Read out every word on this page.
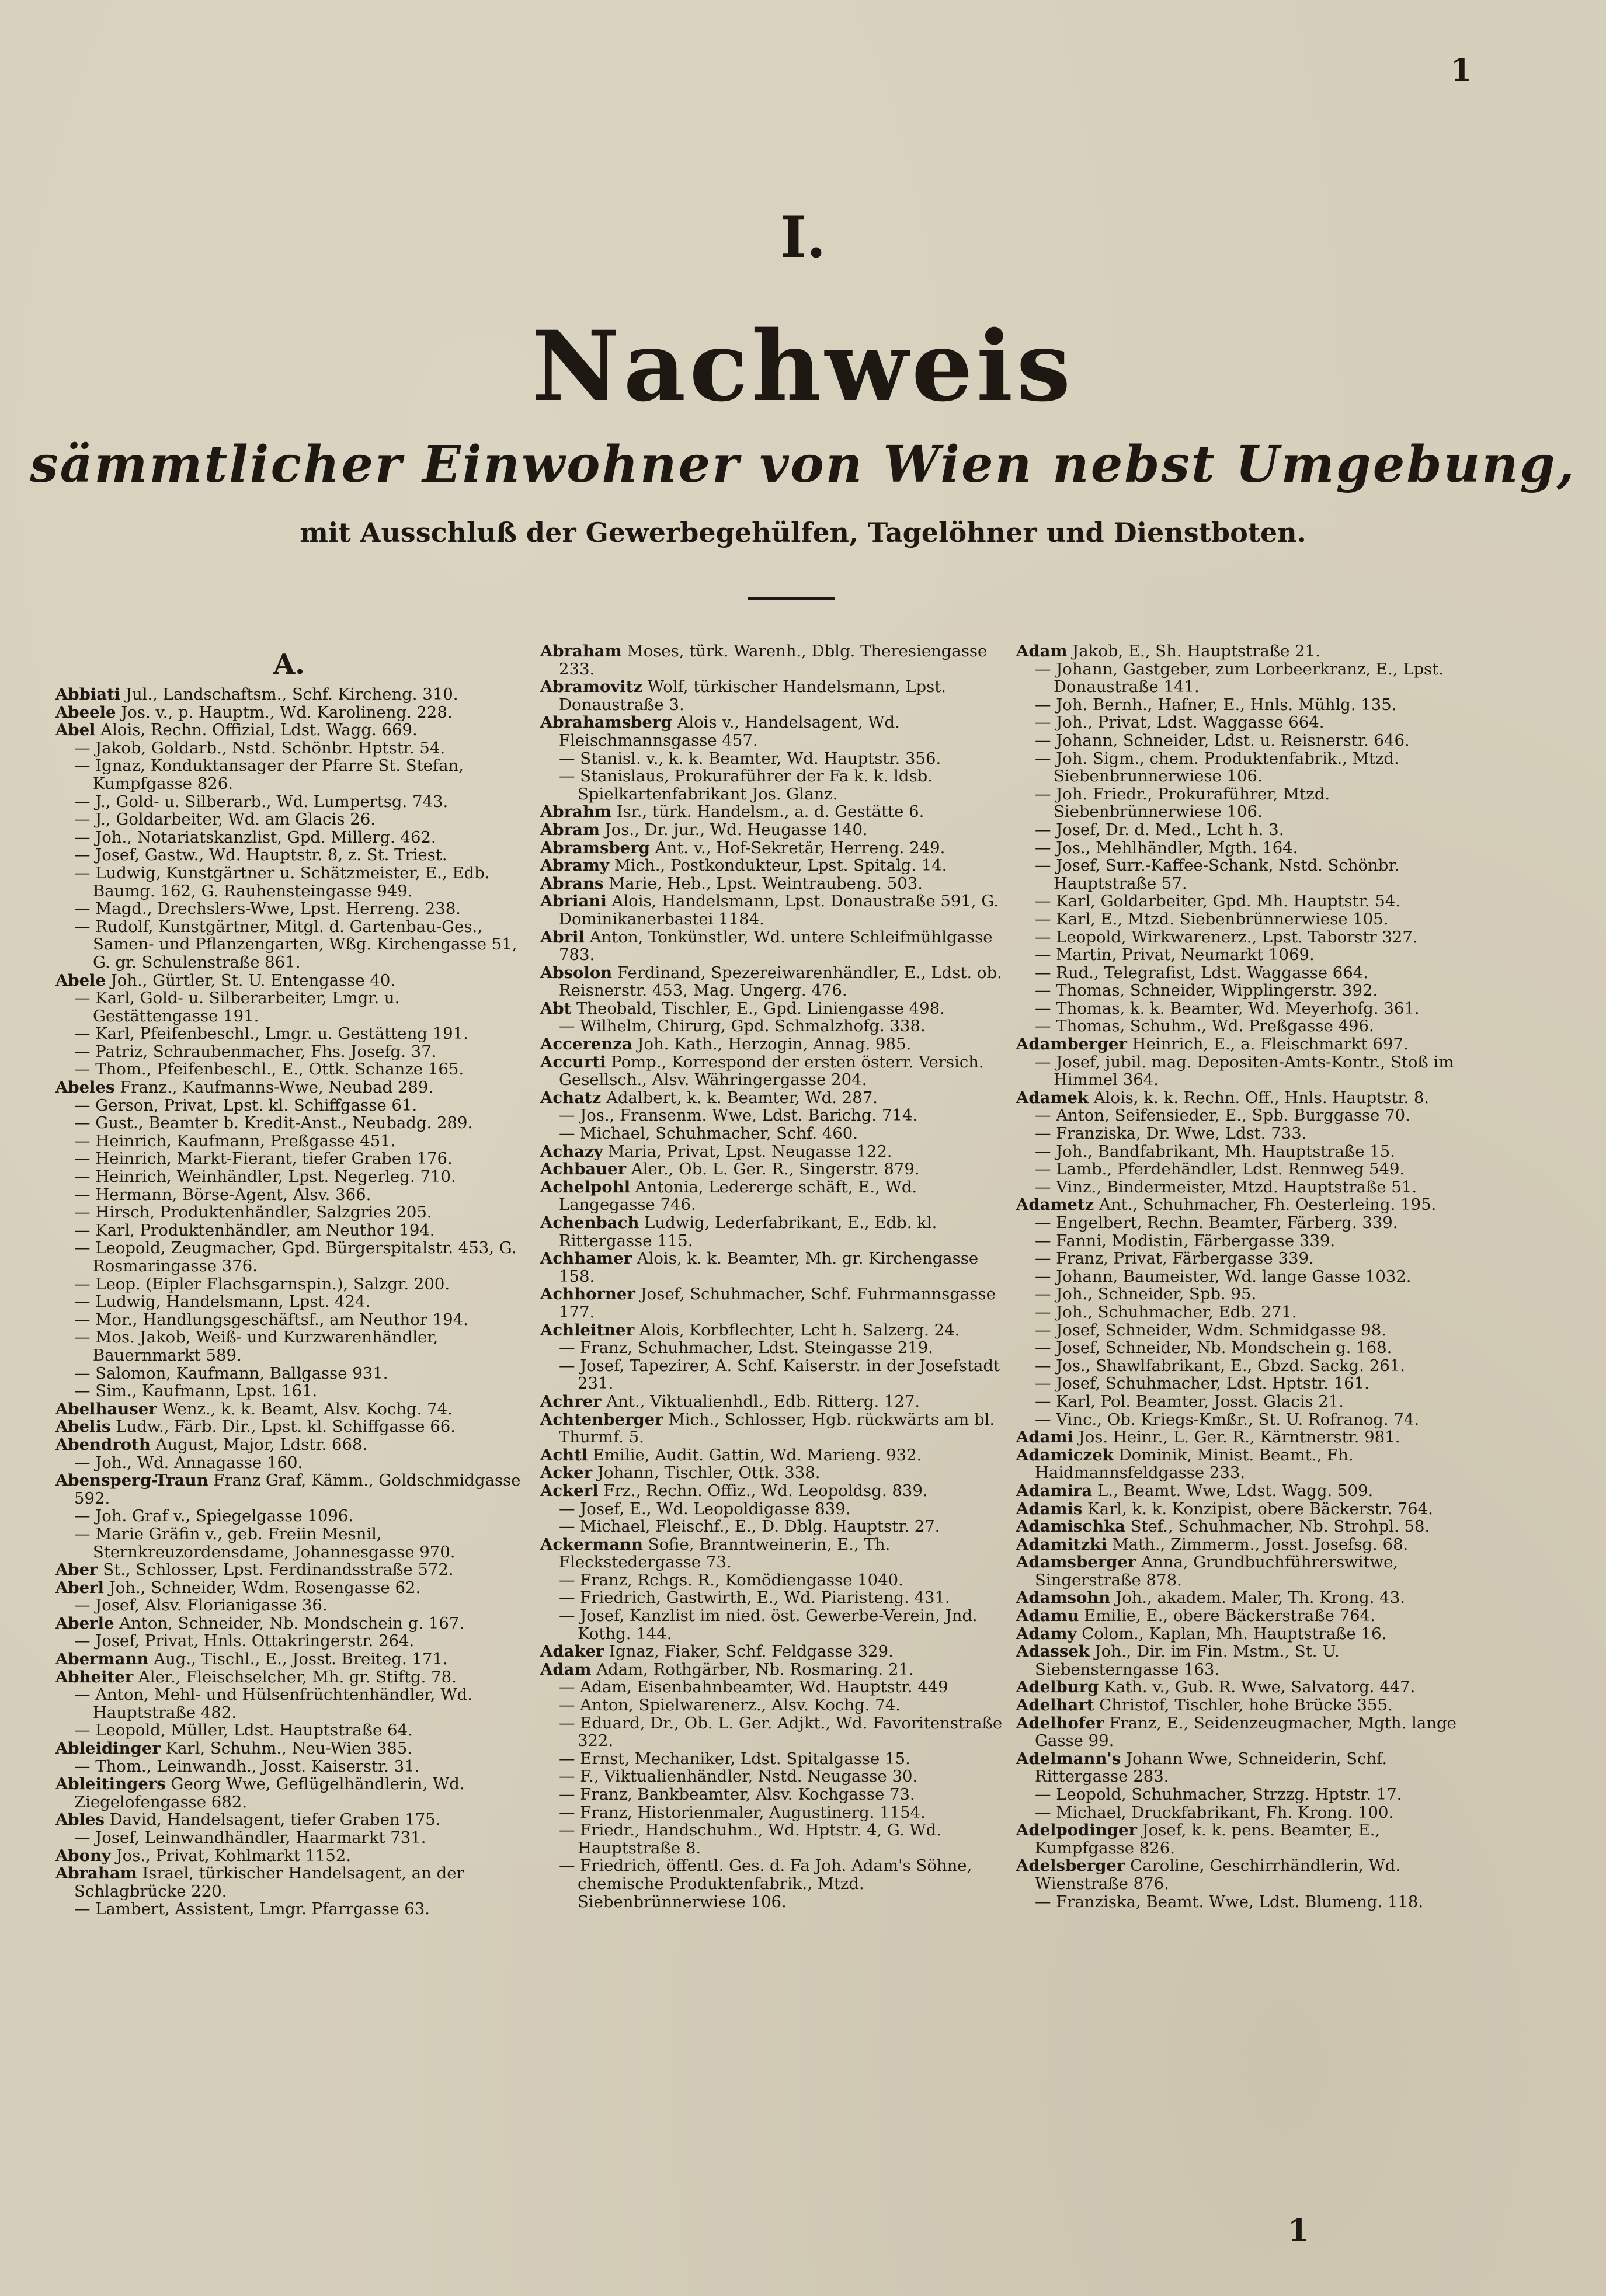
1
I.
Nachweis
sämmtlicher Einwohner von Wien nebst Umgebung,
mit Ausschluß der Gewerbegehülfen, Tagelöhner und Dienstboten.
A.
Abbiati Jul., Landschaftsm., Schf. Kircheng. 310.
Abeele Jos. v., p. Hauptm., Wd. Karolineng. 228.
Abel Alois, Rechn. Offizial, Ldst. Wagg. 669.
— Jakob, Goldarb., Nstd. Schönbr. Hptstr. 54.
— Ignaz, Konduktansager der Pfarre St. Stefan, Kumpfgasse 826.
— J., Gold- u. Silberarb., Wd. Lumpertsg. 743.
— J., Goldarbeiter, Wd. am Glacis 26.
— Joh., Notariatskanzlist, Gpd. Millerg. 462.
— Josef, Gastw., Wd. Hauptstr. 8, z. St. Triest.
— Ludwig, Kunstgärtner u. Schätzmeister, E., Edb. Baumg. 162, G. Rauhensteingasse 949.
— Magd., Drechslers-Wwe, Lpst. Herreng. 238.
— Rudolf, Kunstgärtner, Mitgl. d. Gartenbau-Ges., Samen- und Pflanzengarten, Wßg. Kirchengasse 51, G. gr. Schulenstraße 861.
Abele Joh., Gürtler, St. U. Entengasse 40.
— Karl, Gold- u. Silberarbeiter, Lmgr. u. Gestättengasse 191.
— Karl, Pfeifenbeschl., Lmgr. u. Gestätteng 191.
— Patriz, Schraubenmacher, Fhs. Josefg. 37.
— Thom., Pfeifenbeschl., E., Ottk. Schanze 165.
Abeles Franz., Kaufmanns-Wwe, Neubad 289.
— Gerson, Privat, Lpst. kl. Schiffgasse 61.
— Gust., Beamter b. Kredit-Anst., Neubadg. 289.
— Heinrich, Kaufmann, Preßgasse 451.
— Heinrich, Markt-Fierant, tiefer Graben 176.
— Heinrich, Weinhändler, Lpst. Negerleg. 710.
— Hermann, Börse-Agent, Alsv. 366.
— Hirsch, Produktenhändler, Salzgries 205.
— Karl, Produktenhändler, am Neuthor 194.
— Leopold, Zeugmacher, Gpd. Bürgerspitalstr. 453, G. Rosmaringasse 376.
— Leop. (Eipler Flachsgarnspin.), Salzgr. 200.
— Ludwig, Handelsmann, Lpst. 424.
— Mor., Handlungsgeschäftsf., am Neuthor 194.
— Mos. Jakob, Weiß- und Kurzwarenhändler, Bauernmarkt 589.
— Salomon, Kaufmann, Ballgasse 931.
— Sim., Kaufmann, Lpst. 161.
Abelhauser Wenz., k. k. Beamt, Alsv. Kochg. 74.
Abelis Ludw., Färb. Dir., Lpst. kl. Schiffgasse 66.
Abendroth August, Major, Ldstr. 668.
— Joh., Wd. Annagasse 160.
Abensperg-Traun Franz Graf, Kämm., Goldschmidgasse 592.
— Joh. Graf v., Spiegelgasse 1096.
— Marie Gräfin v., geb. Freiin Mesnil, Sternkreuzordensdame, Johannesgasse 970.
Aber St., Schlosser, Lpst. Ferdinandsstraße 572.
Aberl Joh., Schneider, Wdm. Rosengasse 62.
— Josef, Alsv. Florianigasse 36.
Aberle Anton, Schneider, Nb. Mondschein g. 167.
— Josef, Privat, Hnls. Ottakringerstr. 264.
Abermann Aug., Tischl., E., Josst. Breiteg. 171.
Abheiter Aler., Fleischselcher, Mh. gr. Stiftg. 78.
— Anton, Mehl- und Hülsenfrüchtenhändler, Wd. Hauptstraße 482.
— Leopold, Müller, Ldst. Hauptstraße 64.
Ableidinger Karl, Schuhm., Neu-Wien 385.
— Thom., Leinwandh., Josst. Kaiserstr. 31.
Ableitingers Georg Wwe, Geflügelhändlerin, Wd. Ziegelofengasse 682.
Ables David, Handelsagent, tiefer Graben 175.
— Josef, Leinwandhändler, Haarmarkt 731.
Abony Jos., Privat, Kohlmarkt 1152.
Abraham Israel, türkischer Handelsagent, an der Schlagbrücke 220.
— Lambert, Assistent, Lmgr. Pfarrgasse 63.
Abraham Moses, türk. Warenh., Dblg. Theresiengasse 233.
Abramovitz Wolf, türkischer Handelsmann, Lpst. Donaustraße 3.
Abrahamsberg Alois v., Handelsagent, Wd. Fleischmannsgasse 457.
— Stanisl. v., k. k. Beamter, Wd. Hauptstr. 356.
— Stanislaus, Prokuraführer der Fa k. k. ldsb. Spielkartenfabrikant Jos. Glanz.
Abrahm Isr., türk. Handelsm., a. d. Gestätte 6.
Abram Jos., Dr. jur., Wd. Heugasse 140.
Abramsberg Ant. v., Hof-Sekretär, Herreng. 249.
Abramy Mich., Postkondukteur, Lpst. Spitalg. 14.
Abrans Marie, Heb., Lpst. Weintraubeng. 503.
Abriani Alois, Handelsmann, Lpst. Donaustraße 591, G. Dominikanerbastei 1184.
Abril Anton, Tonkünstler, Wd. untere Schleifmühlgasse 783.
Absolon Ferdinand, Spezereiwarenhändler, E., Ldst. ob. Reisnerstr. 453, Mag. Ungerg. 476.
Abt Theobald, Tischler, E., Gpd. Liniengasse 498.
— Wilhelm, Chirurg, Gpd. Schmalzhofg. 338.
Accerenza Joh. Kath., Herzogin, Annag. 985.
Accurti Pomp., Korrespond der ersten österr. Versich. Gesellsch., Alsv. Währingergasse 204.
Achatz Adalbert, k. k. Beamter, Wd. 287.
— Jos., Fransenm. Wwe, Ldst. Barichg. 714.
— Michael, Schuhmacher, Schf. 460.
Achazy Maria, Privat, Lpst. Neugasse 122.
Achbauer Aler., Ob. L. Ger. R., Singerstr. 879.
Achelpohl Antonia, Ledererge schäft, E., Wd. Langegasse 746.
Achenbach Ludwig, Lederfabrikant, E., Edb. kl. Rittergasse 115.
Achhamer Alois, k. k. Beamter, Mh. gr. Kirchengasse 158.
Achhorner Josef, Schuhmacher, Schf. Fuhrmannsgasse 177.
Achleitner Alois, Korbflechter, Lcht h. Salzerg. 24.
— Franz, Schuhmacher, Ldst. Steingasse 219.
— Josef, Tapezirer, A. Schf. Kaiserstr. in der Josefstadt 231.
Achrer Ant., Viktualienhdl., Edb. Ritterg. 127.
Achtenberger Mich., Schlosser, Hgb. rückwärts am bl. Thurmf. 5.
Achtl Emilie, Audit. Gattin, Wd. Marieng. 932.
Acker Johann, Tischler, Ottk. 338.
Ackerl Frz., Rechn. Offiz., Wd. Leopoldsg. 839.
— Josef, E., Wd. Leopoldigasse 839.
— Michael, Fleischf., E., D. Dblg. Hauptstr. 27.
Ackermann Sofie, Branntweinerin, E., Th. Fleckstedergasse 73.
— Franz, Rchgs. R., Komödiengasse 1040.
— Friedrich, Gastwirth, E., Wd. Piaristeng. 431.
— Josef, Kanzlist im nied. öst. Gewerbe-Verein, Jnd. Kothg. 144.
Adaker Ignaz, Fiaker, Schf. Feldgasse 329.
Adam Adam, Rothgärber, Nb. Rosmaring. 21.
— Adam, Eisenbahnbeamter, Wd. Hauptstr. 449
— Anton, Spielwarenerz., Alsv. Kochg. 74.
— Eduard, Dr., Ob. L. Ger. Adjkt., Wd. Favoritenstraße 322.
— Ernst, Mechaniker, Ldst. Spitalgasse 15.
— F., Viktualienhändler, Nstd. Neugasse 30.
— Franz, Bankbeamter, Alsv. Kochgasse 73.
— Franz, Historienmaler, Augustinerg. 1154.
— Friedr., Handschuhm., Wd. Hptstr. 4, G. Wd. Hauptstraße 8.
— Friedrich, öffentl. Ges. d. Fa Joh. Adam's Söhne, chemische Produktenfabrik., Mtzd. Siebenbrünnerwiese 106.
Adam Jakob, E., Sh. Hauptstraße 21.
— Johann, Gastgeber, zum Lorbeerkranz, E., Lpst. Donaustraße 141.
— Joh. Bernh., Hafner, E., Hnls. Mühlg. 135.
— Joh., Privat, Ldst. Waggasse 664.
— Johann, Schneider, Ldst. u. Reisnerstr. 646.
— Joh. Sigm., chem. Produktenfabrik., Mtzd. Siebenbrunnerwiese 106.
— Joh. Friedr., Prokuraführer, Mtzd. Siebenbrünnerwiese 106.
— Josef, Dr. d. Med., Lcht h. 3.
— Jos., Mehlhändler, Mgth. 164.
— Josef, Surr.-Kaffee-Schank, Nstd. Schönbr. Hauptstraße 57.
— Karl, Goldarbeiter, Gpd. Mh. Hauptstr. 54.
— Karl, E., Mtzd. Siebenbrünnerwiese 105.
— Leopold, Wirkwarenerz., Lpst. Taborstr 327.
— Martin, Privat, Neumarkt 1069.
— Rud., Telegrafist, Ldst. Waggasse 664.
— Thomas, Schneider, Wipplingerstr. 392.
— Thomas, k. k. Beamter, Wd. Meyerhofg. 361.
— Thomas, Schuhm., Wd. Preßgasse 496.
Adamberger Heinrich, E., a. Fleischmarkt 697.
— Josef, jubil. mag. Depositen-Amts-Kontr., Stoß im Himmel 364.
Adamek Alois, k. k. Rechn. Off., Hnls. Hauptstr. 8.
— Anton, Seifensieder, E., Spb. Burggasse 70.
— Franziska, Dr. Wwe, Ldst. 733.
— Joh., Bandfabrikant, Mh. Hauptstraße 15.
— Lamb., Pferdehändler, Ldst. Rennweg 549.
— Vinz., Bindermeister, Mtzd. Hauptstraße 51.
Adametz Ant., Schuhmacher, Fh. Oesterleing. 195.
— Engelbert, Rechn. Beamter, Färberg. 339.
— Fanni, Modistin, Färbergasse 339.
— Franz, Privat, Färbergasse 339.
— Johann, Baumeister, Wd. lange Gasse 1032.
— Joh., Schneider, Spb. 95.
— Joh., Schuhmacher, Edb. 271.
— Josef, Schneider, Wdm. Schmidgasse 98.
— Josef, Schneider, Nb. Mondschein g. 168.
— Jos., Shawlfabrikant, E., Gbzd. Sackg. 261.
— Josef, Schuhmacher, Ldst. Hptstr. 161.
— Karl, Pol. Beamter, Josst. Glacis 21.
— Vinc., Ob. Kriegs-Kmßr., St. U. Rofranog. 74.
Adami Jos. Heinr., L. Ger. R., Kärntnerstr. 981.
Adamiczek Dominik, Minist. Beamt., Fh. Haidmannsfeldgasse 233.
Adamira L., Beamt. Wwe, Ldst. Wagg. 509.
Adamis Karl, k. k. Konzipist, obere Bäckerstr. 764.
Adamischka Stef., Schuhmacher, Nb. Strohpl. 58.
Adamitzki Math., Zimmerm., Josst. Josefsg. 68.
Adamsberger Anna, Grundbuchführerswitwe, Singerstraße 878.
Adamsohn Joh., akadem. Maler, Th. Krong. 43.
Adamu Emilie, E., obere Bäckerstraße 764.
Adamy Colom., Kaplan, Mh. Hauptstraße 16.
Adassek Joh., Dir. im Fin. Mstm., St. U. Siebensterngasse 163.
Adelburg Kath. v., Gub. R. Wwe, Salvatorg. 447.
Adelhart Christof, Tischler, hohe Brücke 355.
Adelhofer Franz, E., Seidenzeugmacher, Mgth. lange Gasse 99.
Adelmann's Johann Wwe, Schneiderin, Schf. Rittergasse 283.
— Leopold, Schuhmacher, Strzzg. Hptstr. 17.
— Michael, Druckfabrikant, Fh. Krong. 100.
Adelpodinger Josef, k. k. pens. Beamter, E., Kumpfgasse 826.
Adelsberger Caroline, Geschirrhändlerin, Wd. Wienstraße 876.
— Franziska, Beamt. Wwe, Ldst. Blumeng. 118.
1
